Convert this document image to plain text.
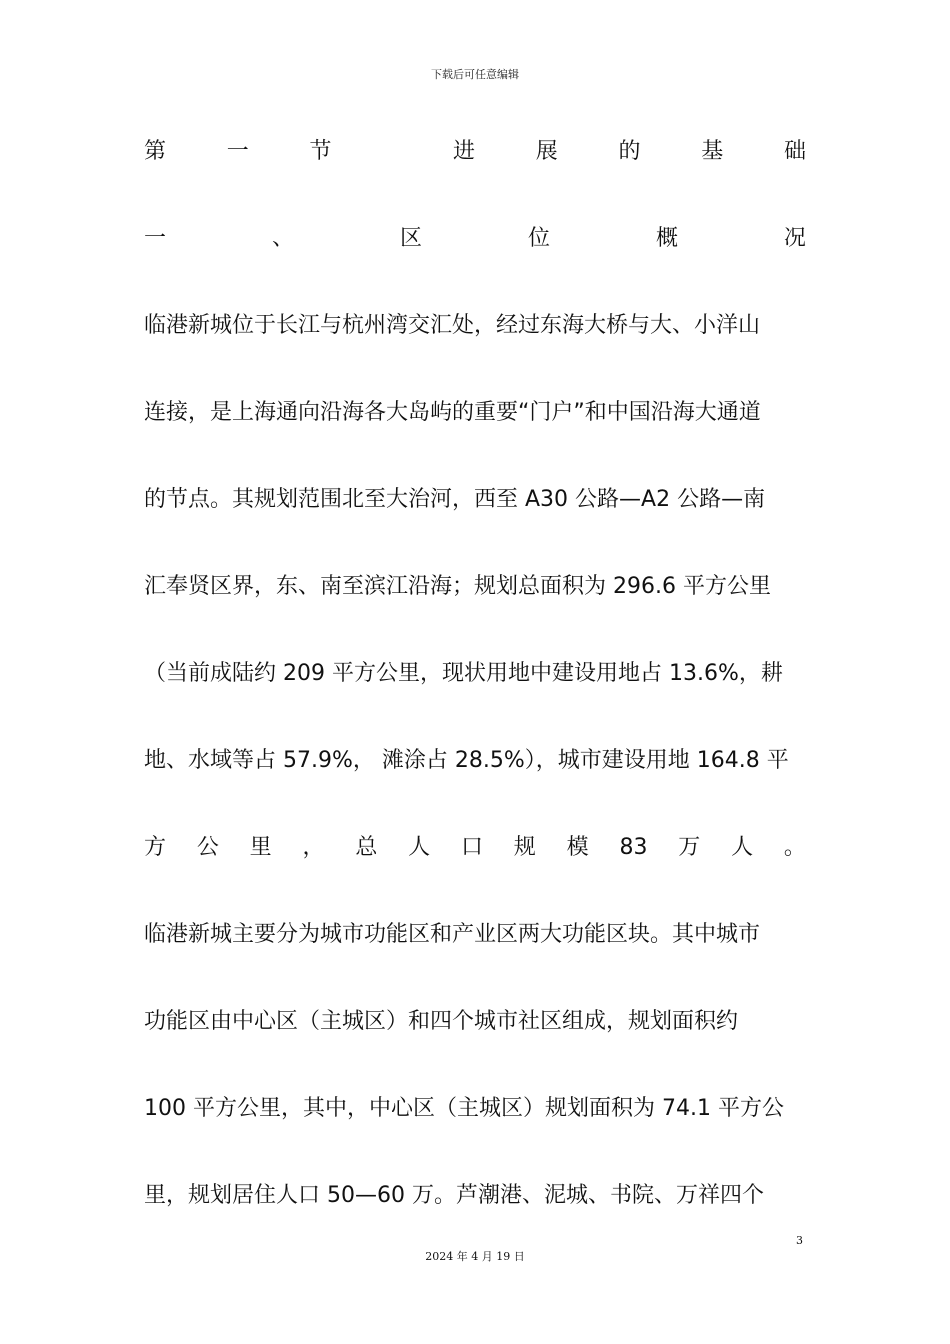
下载后可任意编辑
第	一	节	进	展	的	基	础
一	、	区	位	概	况
临港新城位于长江与杭州湾交汇处，经过东海大桥与大、小洋山
连接，是上海通向沿海各大岛屿的重要“门户”和中国沿海大通道
的节点。其规划范围北至大治河，西至 A30 公路—A2 公路—南
汇奉贤区界，东、南至滨江沿海；规划总面积为 296.6 平方公里
（当前成陆约 209 平方公里，现状用地中建设用地占 13.6%，耕
地、水域等占 57.9%， 滩涂占 28.5%），城市建设用地 164.8 平
方 公 里 ， 总 人 口 规 模 83 万 人 。
临港新城主要分为城市功能区和产业区两大功能区块。其中城市
功能区由中心区（主城区）和四个城市社区组成，规划面积约
100 平方公里，其中，中心区（主城区）规划面积为 74.1 平方公
里，规划居住人口 50—60 万。芦潮港、泥城、书院、万祥四个
3
2024 年 4 月 19 日
